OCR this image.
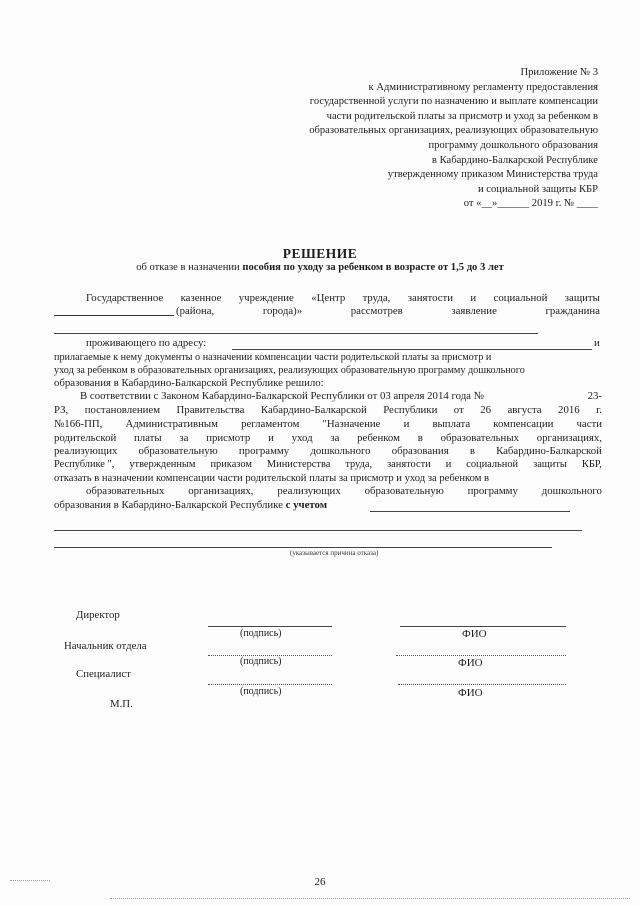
Приложение № 3
к Административному регламенту предоставления
государственной услуги по назначению и выплате компенсации
части родительской платы за присмотр и уход за ребенком в
образовательных организациях, реализующих образовательную
программу дошкольного образования
в Кабардино-Балкарской Республике
утвержденному приказом Министерства труда
и социальной защиты КБР
от «__»______ 2019 г. № ____
РЕШЕНИЕ
об отказе в назначении пособия по уходу за ребенком в возрасте от 1,5 до 3 лет
Государственное казенное учреждение «Центр труда, занятости и социальной защиты
(района,	города)»	рассмотрев	заявление	гражданина
проживающего по адресу:	и
прилагаемые к нему документы о назначении компенсации части родительской платы за присмотр и
уход за ребенком в образовательных организациях, реализующих образовательную программу дошкольного
образования в Кабардино-Балкарской Республике решило:
В соответствии с Законом Кабардино-Балкарской Республики от 03 апреля 2014 года №	23-
РЗ, постановлением Правительства Кабардино-Балкарской Республики от 26 августа 2016 г.
№166-ПП, Административным регламентом "Назначение и выплата компенсации части
родительской платы за присмотр и уход за ребенком в образовательных организациях,
реализующих образовательную программу дошкольного образования в Кабардино-Балкарской
Республике ", утвержденным приказом Министерства труда, занятости и социальной защиты КБР,
отказать в назначении компенсации части родительской платы за присмотр и уход за ребенком в
образовательных организациях, реализующих образовательную программу дошкольного
образования в Кабардино-Балкарской Республике с учетом
(указывается причина отказа)
Директор
(подпись)	ФИО
Начальник отдела
(подпись)	ФИО
Специалист
(подпись)	ФИО
М.П.
26
